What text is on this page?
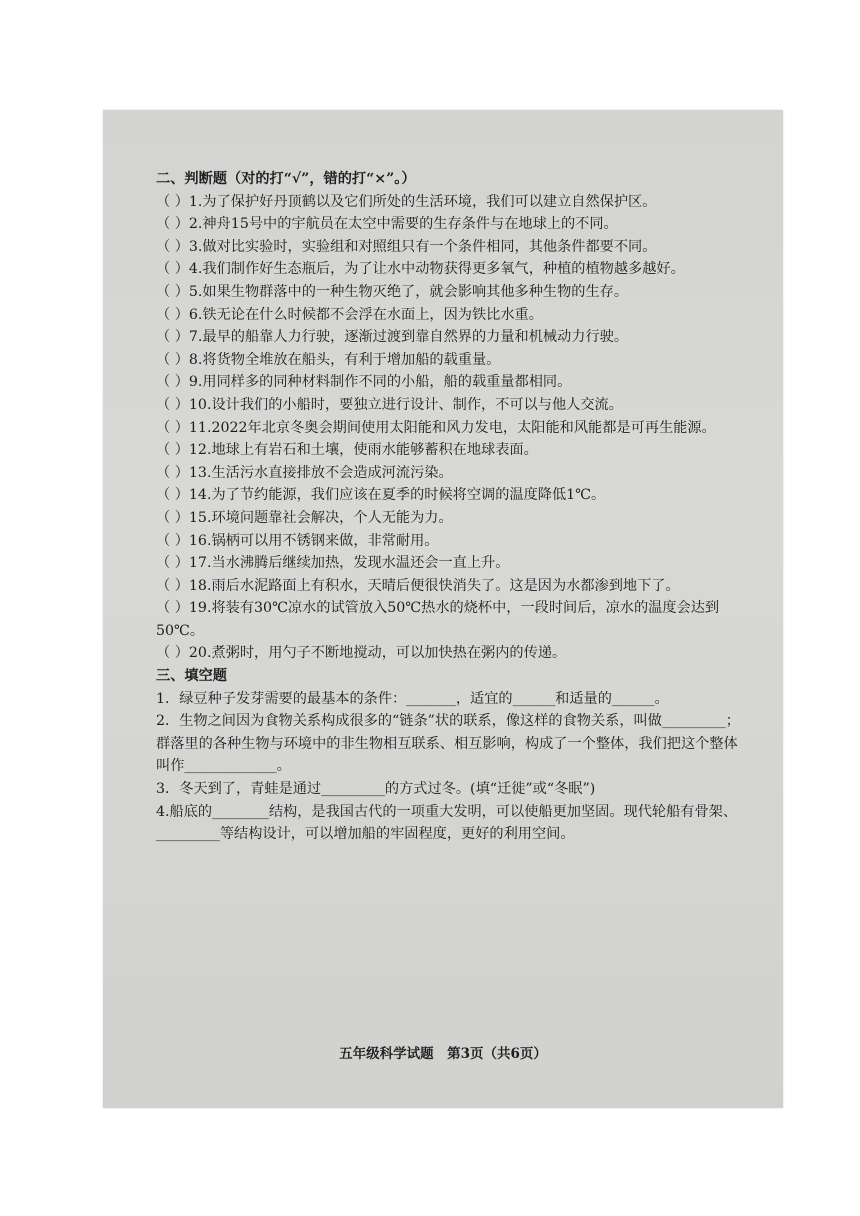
二、判断题（对的打“√”，错的打“×”。）
（ ）1.为了保护好丹顶鹤以及它们所处的生活环境，我们可以建立自然保护区。
（ ）2.神舟15号中的宇航员在太空中需要的生存条件与在地球上的不同。
（ ）3.做对比实验时，实验组和对照组只有一个条件相同，其他条件都要不同。
（ ）4.我们制作好生态瓶后，为了让水中动物获得更多氧气，种植的植物越多越好。
（ ）5.如果生物群落中的一种生物灭绝了，就会影响其他多种生物的生存。
（ ）6.铁无论在什么时候都不会浮在水面上，因为铁比水重。
（ ）7.最早的船靠人力行驶，逐渐过渡到靠自然界的力量和机械动力行驶。
（ ）8.将货物全堆放在船头，有利于增加船的载重量。
（ ）9.用同样多的同种材料制作不同的小船，船的载重量都相同。
（ ）10.设计我们的小船时，要独立进行设计、制作，不可以与他人交流。
（ ）11.2022年北京冬奥会期间使用太阳能和风力发电，太阳能和风能都是可再生能源。
（ ）12.地球上有岩石和土壤，使雨水能够蓄积在地球表面。
（ ）13.生活污水直接排放不会造成河流污染。
（ ）14.为了节约能源，我们应该在夏季的时候将空调的温度降低1℃。
（ ）15.环境问题靠社会解决，个人无能为力。
（ ）16.锅柄可以用不锈钢来做，非常耐用。
（ ）17.当水沸腾后继续加热，发现水温还会一直上升。
（ ）18.雨后水泥路面上有积水，天晴后便很快消失了。这是因为水都渗到地下了。
（ ）19.将装有30℃凉水的试管放入50℃热水的烧杯中，一段时间后，凉水的温度会达到50℃。
（ ）20.煮粥时，用勺子不断地搅动，可以加快热在粥内的传递。
三、填空题
1．绿豆种子发芽需要的最基本的条件：_______，适宜的______和适量的______。
2．生物之间因为食物关系构成很多的“链条”状的联系，像这样的食物关系，叫做_________；群落里的各种生物与环境中的非生物相互联系、相互影响，构成了一个整体，我们把这个整体叫作_____________。
3．冬天到了，青蛙是通过_________的方式过冬。(填“迁徙”或“冬眠”)
4.船底的________结构，是我国古代的一项重大发明，可以使船更加坚固。现代轮船有骨架、_________等结构设计，可以增加船的牢固程度，更好的利用空间。
五年级科学试题　第3页（共6页）
